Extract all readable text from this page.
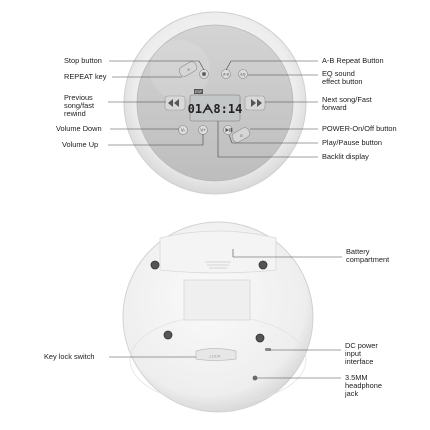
ESP
01ᗅ8:14
⟲
A-B	EQ
V-	V+
⏻
LOCK
Stop button
REPEAT key
Previous
song/fast
rewind
Volume Down
Volume Up
A-B Repeat Button
EQ sound
effect button
Next song/Fast
forward
POWER-On/Off button
Play/Pause button
Backlit display
Battery
compartment
Key lock switch
DC power
input
interface
3.5MM
headphone
jack
